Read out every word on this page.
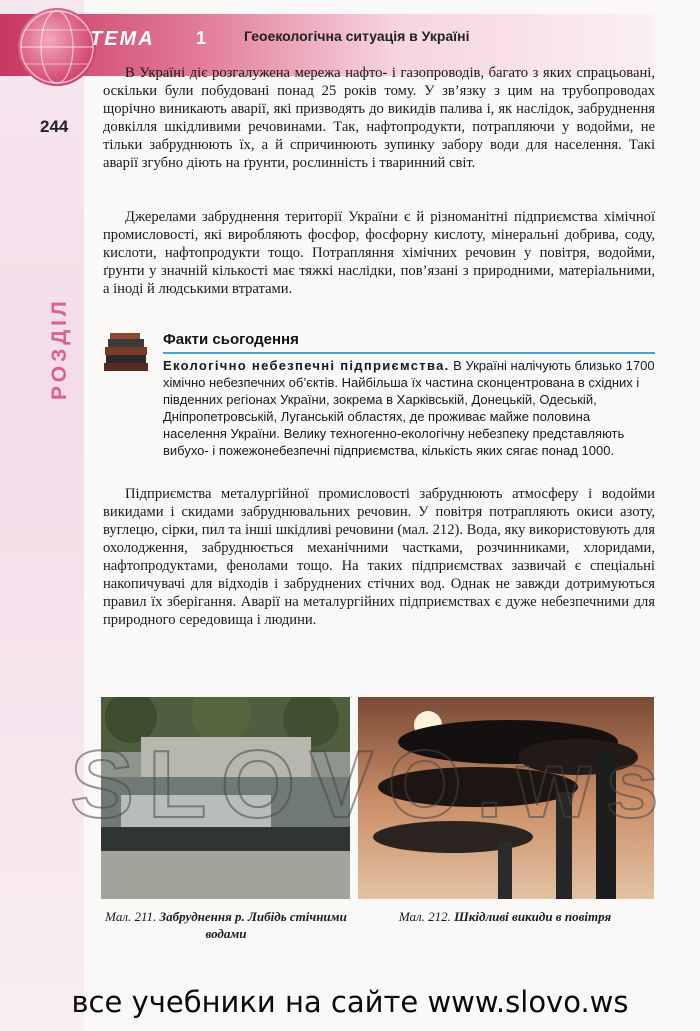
ТЕМА 1	Геоекологічна ситуація в Україні
244
РОЗДІЛ

В Україні діє розгалужена мережа нафто- і газопроводів, багато з яких спрацьовані, оскільки були побудовані понад 25 років тому. У зв’язку з цим на трубопроводах щорічно виникають аварії, які призводять до викидів палива і, як наслідок, забруднення довкілля шкідливими речовинами. Так, нафтопродукти, потрапляючи у водойми, не тільки забруднюють їх, а й спричинюють зупинку забору води для населення. Такі аварії згубно діють на ґрунти, рослинність і тваринний світ.

Джерелами забруднення території України є й різноманітні підприємства хімічної промисловості, які виробляють фосфор, фосфорну кислоту, мінеральні добрива, соду, кислоти, нафтопродукти тощо. Потрапляння хімічних речовин у повітря, водойми, ґрунти у значній кількості має тяжкі наслідки, пов’язані з природними, матеріальними, а іноді й людськими втратами.

Факти сьогодення
Екологічно небезпечні підприємства. В Україні налічують близько 1700 хімічно небезпечних об’єктів. Найбільша їх частина сконцентрована в східних і південних регіонах України, зокрема в Харківській, Донецькій, Одеській, Дніпропетровській, Луганській областях, де проживає майже половина населення України. Велику техногенно-екологічну небезпеку представляють вибухо- і пожежонебезпечні підприємства, кількість яких сягає понад 1000.

Підприємства металургійної промисловості забруднюють атмосферу і водойми викидами і скидами забруднювальних речовин. У повітря потрапляють окиси азоту, вуглецю, сірки, пил та інші шкідливі речовини (мал. 212). Вода, яку використовують для охолодження, забруднюється механічними частками, розчинниками, хлоридами, нафтопродуктами, фенолами тощо. На таких підприємствах зазвичай є спеціальні накопичувачі для відходів і забруднених стічних вод. Однак не завжди дотримуються правил їх зберігання. Аварії на металургійних підприємствах є дуже небезпечними для природного середовища і людини.

Мал. 211. Забруднення р. Либідь стічними водами
Мал. 212. Шкідливі викиди в повітря
все учебники на сайте www.slovo.ws
